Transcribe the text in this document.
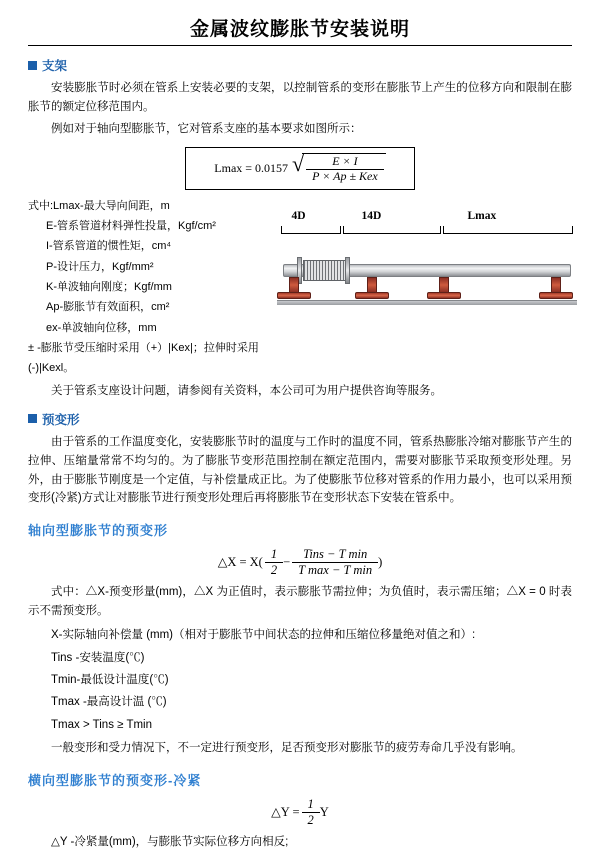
金属波纹膨胀节安装说明
支架
安装膨胀节时必须在管系上安装必要的支架，以控制管系的变形在膨胀节上产生的位移方向和限制在膨胀节的额定位移范围内。
例如对于轴向型膨胀节，它对管系支座的基本要求如图所示：
Lmax = 0.0157 √ $\frac{E \times I}{\text{P × Ap ± Kex}}$
式中:Lmax-最大导向间距，m
E-管系管道材料弹性投量，Kgf/cm²
I-管系管道的惯性矩，cm⁴
P-设计压力，Kgf/mm²
K-单波轴向刚度；Kgf/mm
Ap-膨胀节有效面积，cm²
ex-单波轴向位移，mm
± -膨胀节受压缩时采用（+）|Kex|；拉伸时采用(-)|Kexl。
4D	14D	Lmax
关于管系支座设计问题，请参阅有关资料，本公司可为用户提供咨询等服务。
预变形
由于管系的工作温度变化，安装膨胀节时的温度与工作时的温度不同，管系热膨胀冷缩对膨胀节产生的拉伸、压缩量常常不均匀的。为了膨胀节变形范围控制在额定范围内，需要对膨胀节采取预变形处理。另外，由于膨胀节刚度是一个定值，与补偿量成正比。为了使膨胀节位移对管系的作用力最小，也可以采用预变形(冷紧)方式让对膨胀节进行预变形处理后再将膨胀节在变形状态下安装在管系中。
轴向型膨胀节的预变形
△X = $X( \frac{1}{2} - \frac{\text{Tins − T min}}{\text{T max − T min}}$ )
式中：△X-预变形量(mm)，△X 为正值时，表示膨胀节需拉伸；为负值时，表示需压缩；△X = 0 时表示不需预变形。
X-实际轴向补偿量 (mm)（相对于膨胀节中间状态的拉伸和压缩位移量绝对值之和）:
Tins -安装温度(℃)
Tmin-最低设计温度(℃)
Tmax -最高设计温 (℃)
Tmax > Tins ≥ Tmin
一般变形和受力情况下，不一定进行预变形，足否预变形对膨胀节的疲劳寿命几乎没有影响。
横向型膨胀节的预变形-冷紧
△Y = $\frac{1}{2}$ Y
△Y -冷紧量(mm)，与膨胀节实际位移方向相反;
